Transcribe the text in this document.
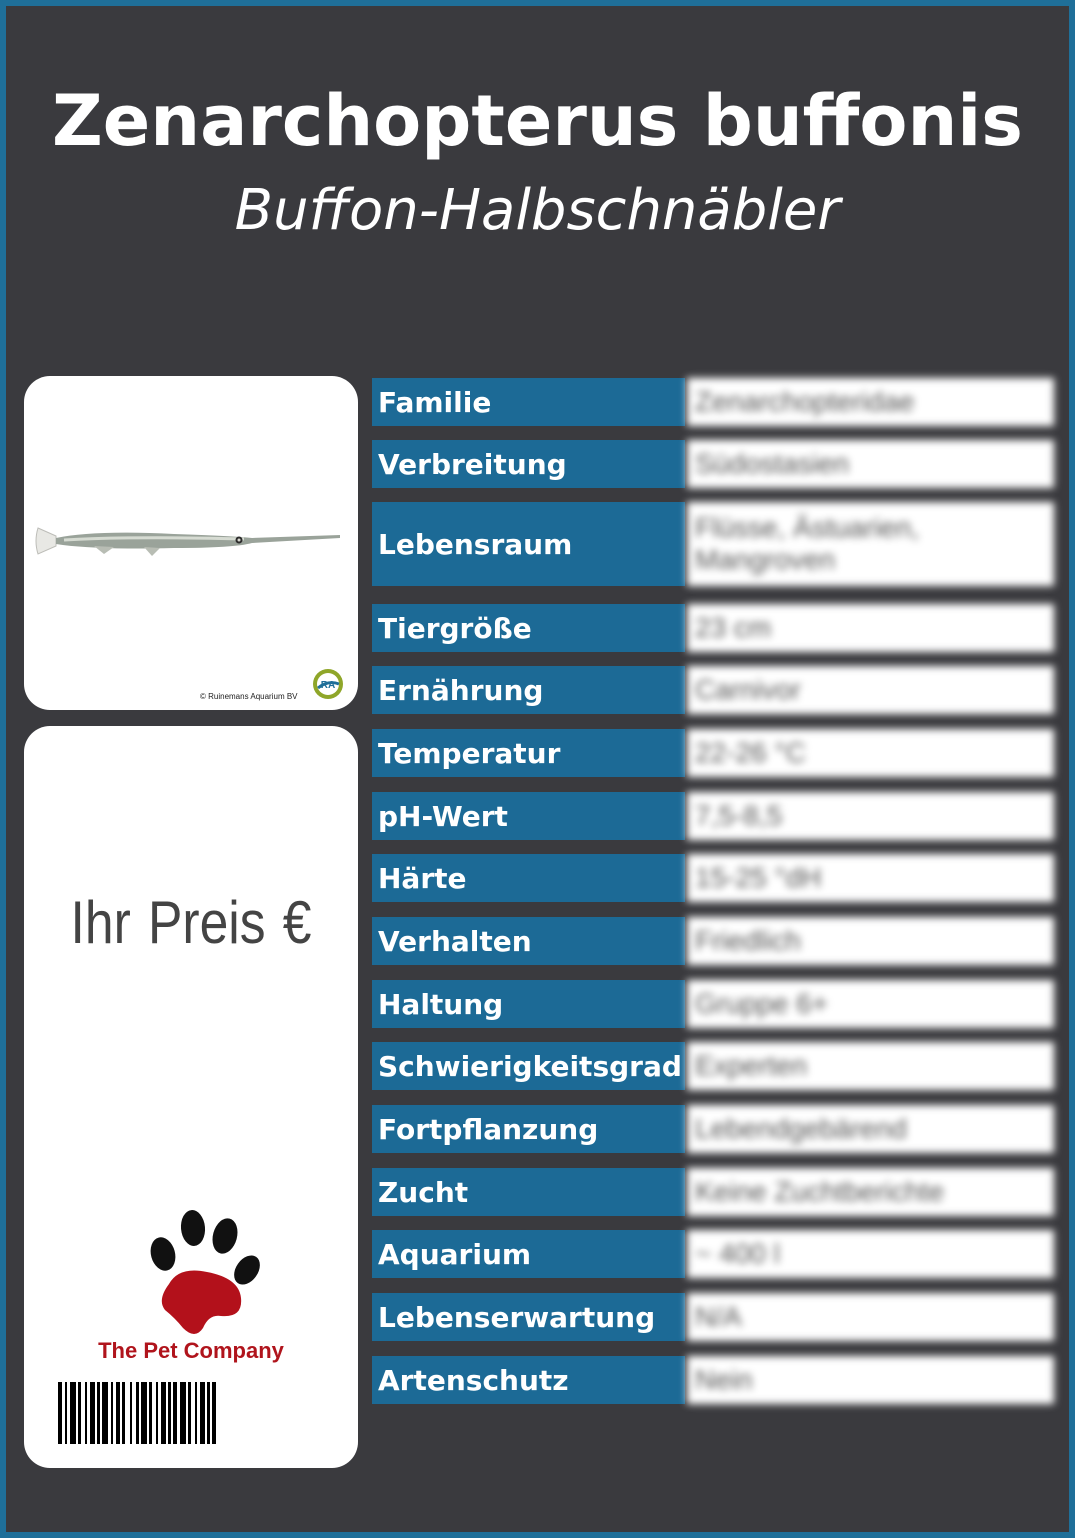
Zenarchopterus buffonis
Buffon-Halbschnäbler
RA
© Ruinemans Aquarium BV
Ihr Preis €
The Pet Company
Familie	Zenarchopteridae
Verbreitung	Südostasien
Lebensraum	Flüsse, Ästuarien, Mangroven
Tiergröße	23 cm
Ernährung	Carnivor
Temperatur	22-26 °C
pH-Wert	7,5-8,5
Härte	15-25 °dH
Verhalten	Friedlich
Haltung	Gruppe 6+
Schwierigkeitsgrad Experten
Fortpflanzung	Lebendgebärend
Zucht	Keine Zuchtberichte
Aquarium	~ 400 l
Lebenserwartung	N/A
Artenschutz	Nein
